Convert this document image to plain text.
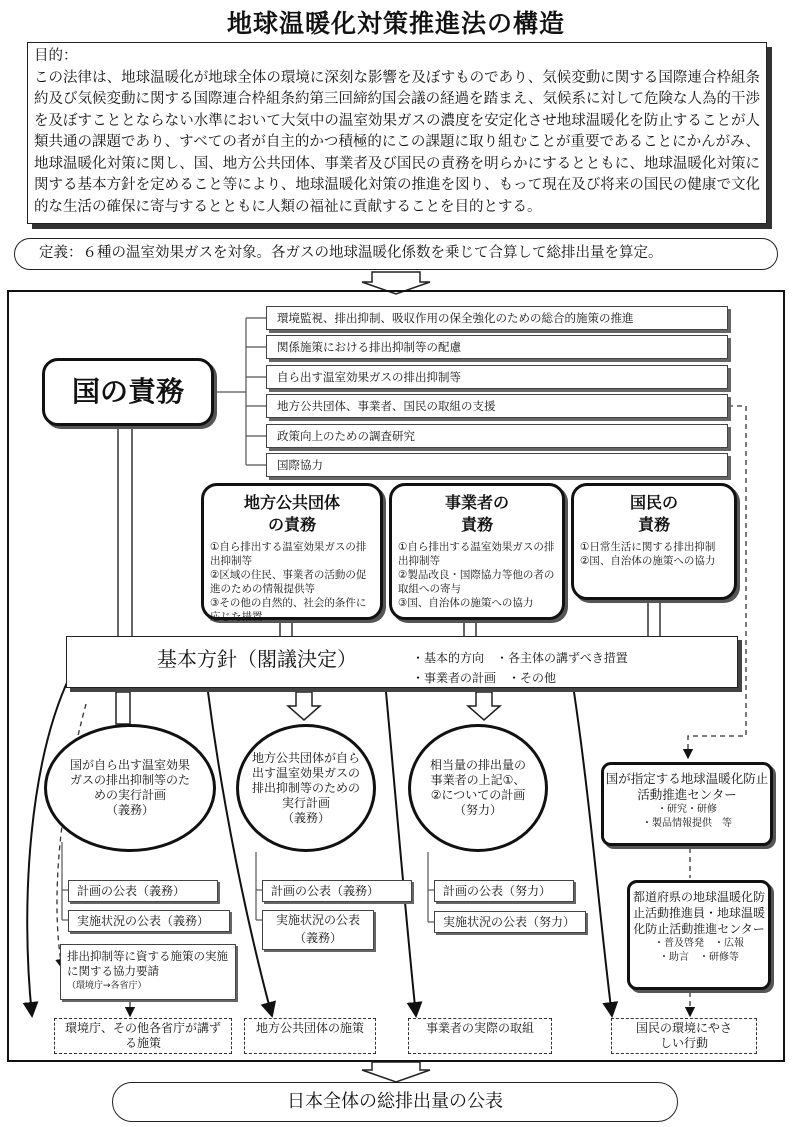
地球温暖化対策推進法の構造
目的：
この法律は、地球温暖化が地球全体の環境に深刻な影響を及ぼすものであり、気候変動に関する国際連合枠組条約及び気候変動に関する国際連合枠組条約第三回締約国会議の経過を踏まえ、気候系に対して危険な人為的干渉を及ぼすこととならない水準において大気中の温室効果ガスの濃度を安定化させ地球温暖化を防止することが人類共通の課題であり、すべての者が自主的かつ積極的にこの課題に取り組むことが重要であることにかんがみ、地球温暖化対策に関し、国、地方公共団体、事業者及び国民の責務を明らかにするとともに、地球温暖化対策に関する基本方針を定めること等により、地球温暖化対策の推進を図り、もって現在及び将来の国民の健康で文化的な生活の確保に寄与するとともに人類の福祉に貢献することを目的とする。
定義：６種の温室効果ガスを対象。各ガスの地球温暖化係数を乗じて合算して総排出量を算定。
国の責務
環境監視、排出抑制、吸収作用の保全強化のための総合的施策の推進
関係施策における排出抑制等の配慮
自ら出す温室効果ガスの排出抑制等
地方公共団体、事業者、国民の取組の支援
政策向上のための調査研究
国際協力
地方公共団体
の責務
①自ら排出する温室効果ガスの排出抑制等
②区域の住民、事業者の活動の促進のための情報提供等
③その他の自然的、社会的条件に応じた措置
事業者の
責務
①自ら排出する温室効果ガスの排出抑制等
②製品改良・国際協力等他の者の取組への寄与
③国、自治体の施策への協力
国民の
責務
①日常生活に関する排出抑制
②国、自治体の施策への協力
基本方針（閣議決定）	・基本的方向　・各主体の講ずべき措置
・事業者の計画　・その他
国が自ら出す温室効果ガスの排出抑制等のための実行計画
（義務）
地方公共団体が自ら出す温室効果ガスの排出抑制等のための実行計画
（義務）
相当量の排出量の事業者の上記①、②についての計画
（努力）
計画の公表（義務）
実施状況の公表（義務）
計画の公表（義務）
実施状況の公表
（義務）
計画の公表（努力）
実施状況の公表（努力）
排出抑制等に資する施策の実施に関する協力要請
（環境庁→各省庁）
国が指定する地球温暖化防止活動推進センター
・研究・研修
・製品情報提供　等
都道府県の地球温暖化防止活動推進員・地球温暖化防止活動推進センター
・普及啓発　・広報
・助言　・研修等
環境庁、その他各省庁が講ずる施策
地方公共団体の施策	事業者の実際の取組	国民の環境にやさしい行動
日本全体の総排出量の公表
